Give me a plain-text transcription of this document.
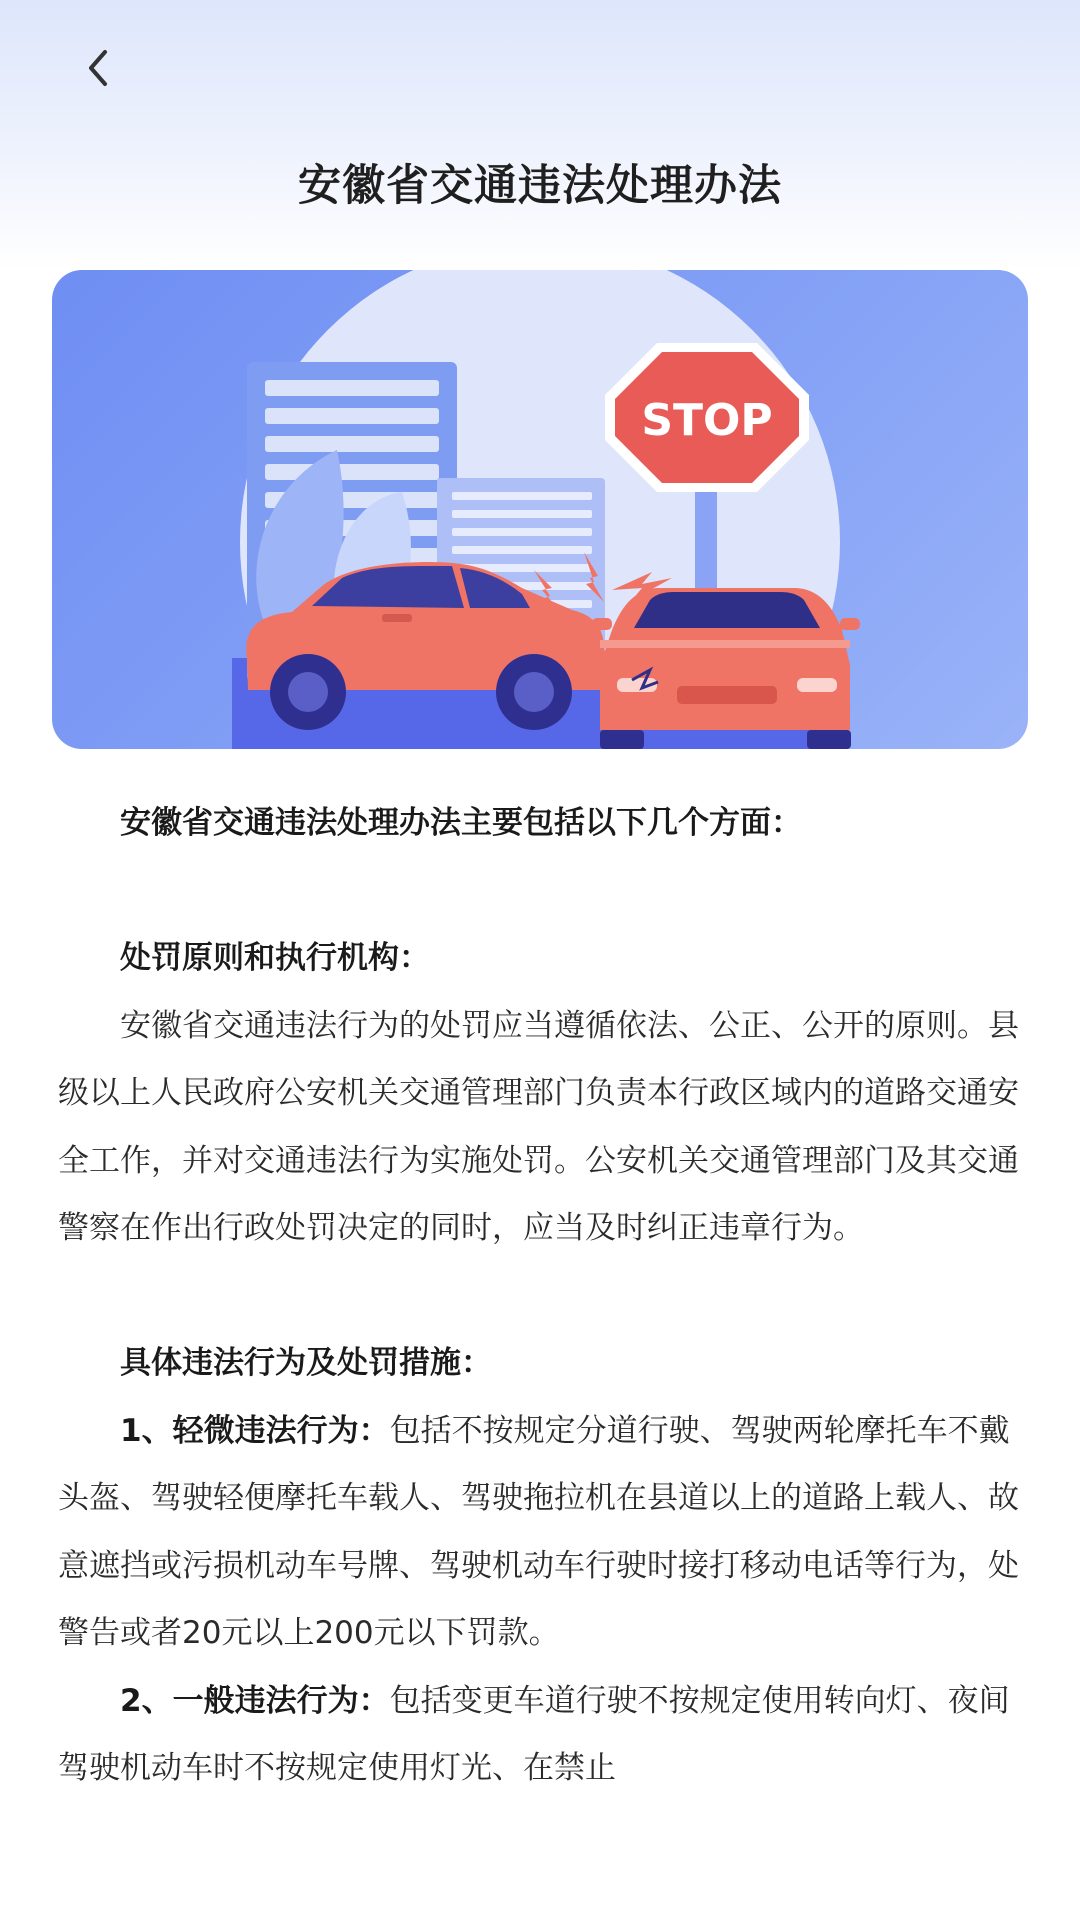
安徽省交通违法处理办法
STOP

安徽省交通违法处理办法主要包括以下几个方面：

处罚原则和执行机构：

安徽省交通违法行为的处罚应当遵循依法、公正、公开的原则。县级以上人民政府公安机关交通管理部门负责本行政区域内的道路交通安全工作，并对交通违法行为实施处罚。公安机关交通管理部门及其交通警察在作出行政处罚决定的同时，应当及时纠正违章行为。

具体违法行为及处罚措施：

1、轻微违法行为：包括不按规定分道行驶、驾驶两轮摩托车不戴头盔、驾驶轻便摩托车载人、驾驶拖拉机在县道以上的道路上载人、故意遮挡或污损机动车号牌、驾驶机动车行驶时接打移动电话等行为，处警告或者20元以上200元以下罚款。

2、一般违法行为：包括变更车道行驶不按规定使用转向灯、夜间驾驶机动车时不按规定使用灯光、在禁止
